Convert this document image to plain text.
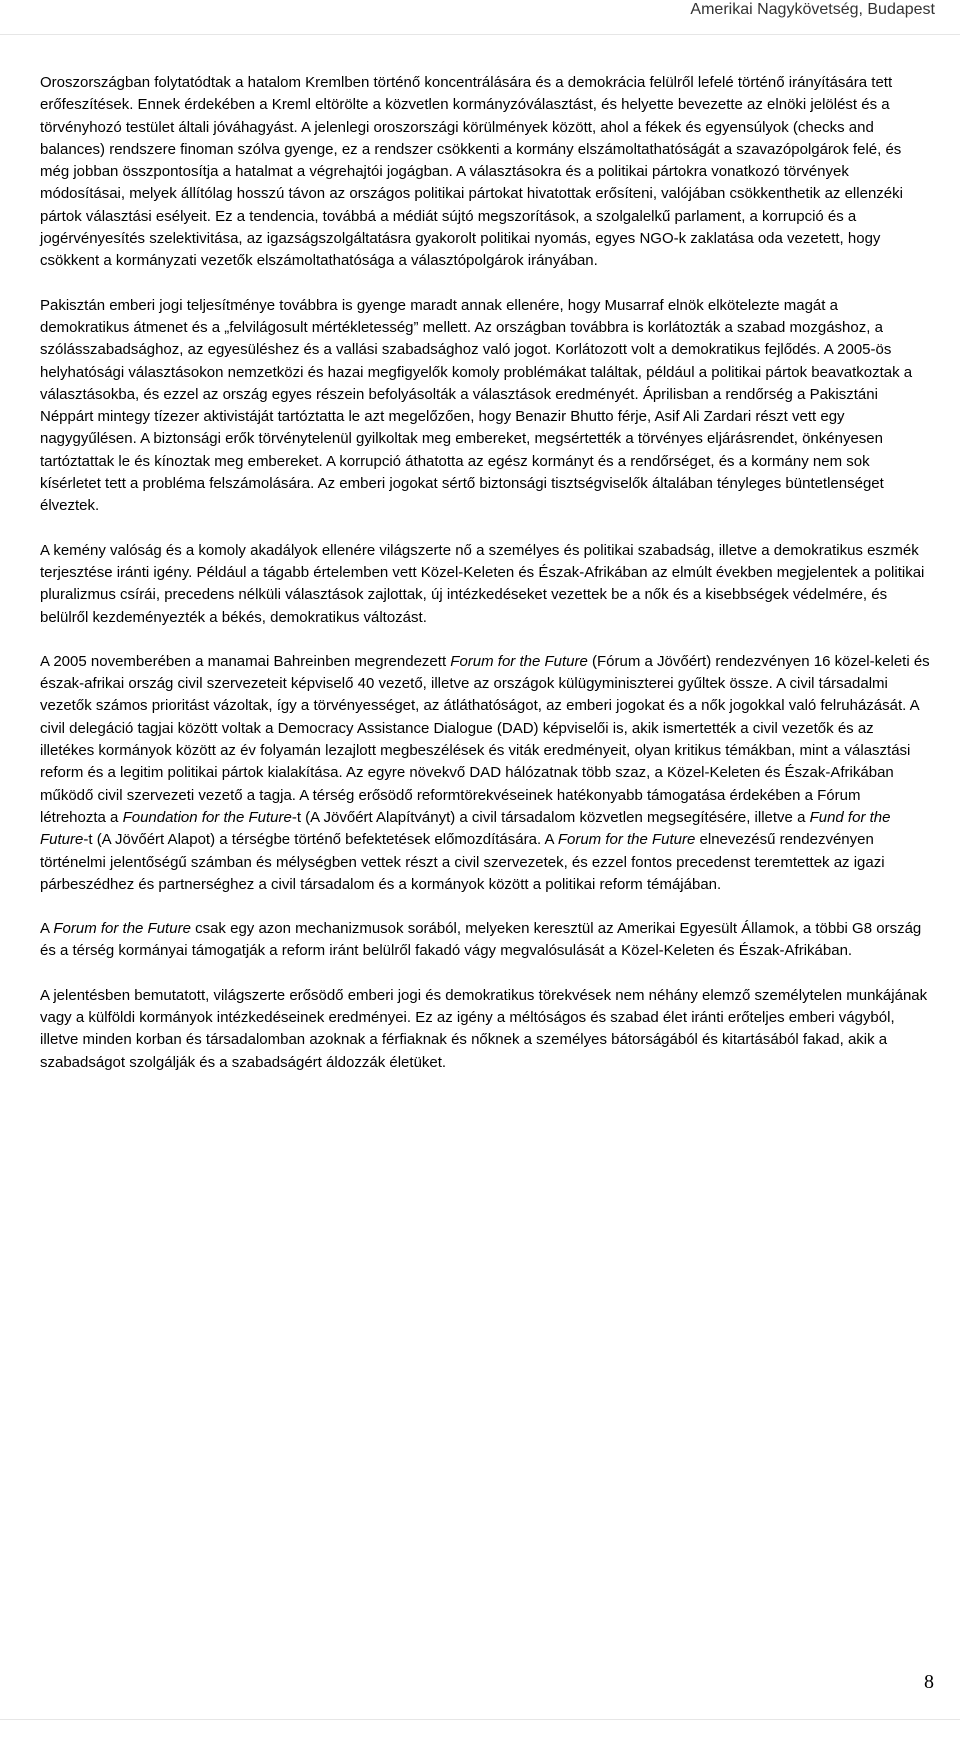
Amerikai Nagykövetség, Budapest

Oroszországban folytatódtak a hatalom Kremlben történő koncentrálására és a demokrácia felülről lefelé történő irányítására tett erőfeszítések. Ennek érdekében a Kreml eltörölte a közvetlen kormányzóválasztást, és helyette bevezette az elnöki jelölést és a törvényhozó testület általi jóváhagyást. A jelenlegi oroszországi körülmények között, ahol a fékek és egyensúlyok (checks and balances) rendszere finoman szólva gyenge, ez a rendszer csökkenti a kormány elszámoltathatóságát a szavazópolgárok felé, és még jobban összpontosítja a hatalmat a végrehajtói jogágban. A választásokra és a politikai pártokra vonatkozó törvények módosításai, melyek állítólag hosszú távon az országos politikai pártokat hivatottak erősíteni, valójában csökkenthetik az ellenzéki pártok választási esélyeit. Ez a tendencia, továbbá a médiát sújtó megszorítások, a szolgalelkű parlament, a korrupció és a jogérvényesítés szelektivitása, az igazságszolgáltatásra gyakorolt politikai nyomás, egyes NGO-k zaklatása oda vezetett, hogy csökkent a kormányzati vezetők elszámoltathatósága a választópolgárok irányában.

Pakisztán emberi jogi teljesítménye továbbra is gyenge maradt annak ellenére, hogy Musarraf elnök elkötelezte magát a demokratikus átmenet és a „felvilágosult mértékletesség” mellett. Az országban továbbra is korlátozták a szabad mozgáshoz, a szólásszabadsághoz, az egyesüléshez és a vallási szabadsághoz való jogot. Korlátozott volt a demokratikus fejlődés. A 2005-ös helyhatósági választásokon nemzetközi és hazai megfigyelők komoly problémákat találtak, például a politikai pártok beavatkoztak a választásokba, és ezzel az ország egyes részein befolyásolták a választások eredményét. Áprilisban a rendőrség a Pakisztáni Néppárt mintegy tízezer aktivistáját tartóztatta le azt megelőzően, hogy Benazir Bhutto férje, Asif Ali Zardari részt vett egy nagygyűlésen. A biztonsági erők törvénytelenül gyilkoltak meg embereket, megsértették a törvényes eljárásrendet, önkényesen tartóztattak le és kínoztak meg embereket. A korrupció áthatotta az egész kormányt és a rendőrséget, és a kormány nem sok kísérletet tett a probléma felszámolására. Az emberi jogokat sértő biztonsági tisztségviselők általában tényleges büntetlenséget élveztek.

A kemény valóság és a komoly akadályok ellenére világszerte nő a személyes és politikai szabadság, illetve a demokratikus eszmék terjesztése iránti igény. Például a tágabb értelemben vett Közel-Keleten és Észak-Afrikában az elmúlt években megjelentek a politikai pluralizmus csírái, precedens nélküli választások zajlottak, új intézkedéseket vezettek be a nők és a kisebbségek védelmére, és belülről kezdeményezték a békés, demokratikus változást.

A 2005 novemberében a manamai Bahreinben megrendezett Forum for the Future (Fórum a Jövőért) rendezvényen 16 közel-keleti és észak-afrikai ország civil szervezeteit képviselő 40 vezető, illetve az országok külügyminiszterei gyűltek össze. A civil társadalmi vezetők számos prioritást vázoltak, így a törvényességet, az átláthatóságot, az emberi jogokat és a nők jogokkal való felruházását. A civil delegáció tagjai között voltak a Democracy Assistance Dialogue (DAD) képviselői is, akik ismertették a civil vezetők és az illetékes kormányok között az év folyamán lezajlott megbeszélések és viták eredményeit, olyan kritikus témákban, mint a választási reform és a legitim politikai pártok kialakítása. Az egyre növekvő DAD hálózatnak több szaz, a Közel-Keleten és Észak-Afrikában működő civil szervezeti vezető a tagja. A térség erősödő reformtörekvéseinek hatékonyabb támogatása érdekében a Fórum létrehozta a Foundation for the Future-t (A Jövőért Alapítványt) a civil társadalom közvetlen megsegítésére, illetve a Fund for the Future-t (A Jövőért Alapot) a térségbe történő befektetések előmozdítására. A Forum for the Future elnevezésű rendezvényen történelmi jelentőségű számban és mélységben vettek részt a civil szervezetek, és ezzel fontos precedenst teremtettek az igazi párbeszédhez és partnerséghez a civil társadalom és a kormányok között a politikai reform témájában.

A Forum for the Future csak egy azon mechanizmusok sorából, melyeken keresztül az Amerikai Egyesült Államok, a többi G8 ország és a térség kormányai támogatják a reform iránt belülről fakadó vágy megvalósulását a Közel-Keleten és Észak-Afrikában.

A jelentésben bemutatott, világszerte erősödő emberi jogi és demokratikus törekvések nem néhány elemző személytelen munkájának vagy a külföldi kormányok intézkedéseinek eredményei. Ez az igény a méltóságos és szabad élet iránti erőteljes emberi vágyból, illetve minden korban és társadalomban azoknak a férfiaknak és nőknek a személyes bátorságából és kitartásából fakad, akik a szabadságot szolgálják és a szabadságért áldozzák életüket.

8
